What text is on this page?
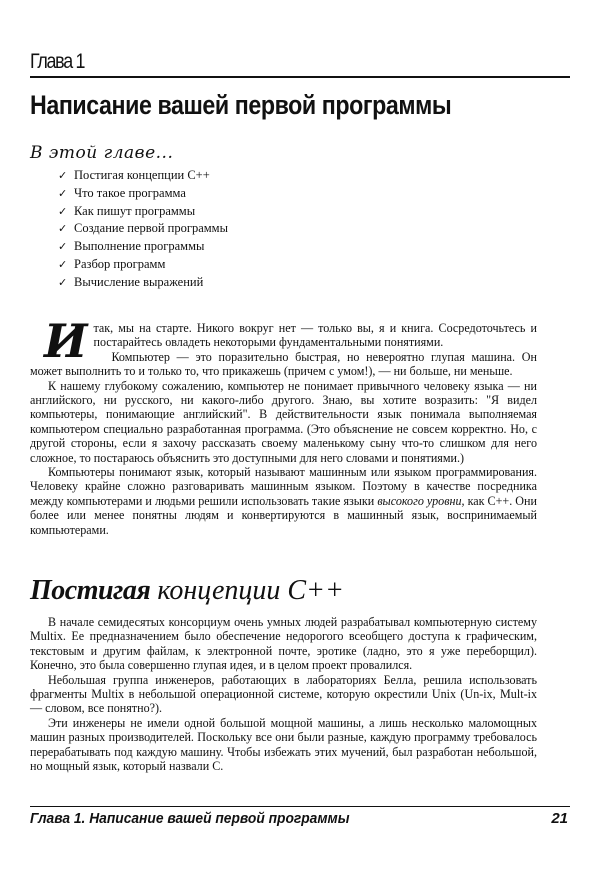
Глава 1
Написание вашей первой программы
В этой главе...
✓ Постигая концепции C++
✓ Что такое программа
✓ Как пишут программы
✓ Создание первой программы
✓ Выполнение программы
✓ Разбор программ
✓ Вычисление выражений

Итак, мы на старте. Никого вокруг нет — только вы, я и книга. Сосредоточьтесь и постарайтесь овладеть некоторыми фундаментальными понятиями.

Компьютер — это поразительно быстрая, но невероятно глупая машина. Он может выполнить то и только то, что прикажешь (причем с умом!), — ни больше, ни меньше.

К нашему глубокому сожалению, компьютер не понимает привычного человеку языка — ни английского, ни русского, ни какого-либо другого. Знаю, вы хотите возразить: "Я видел компьютеры, понимающие английский". В действительности язык понимала выполняемая компьютером специально разработанная программа. (Это объяснение не совсем корректно. Но, с другой стороны, если я захочу рассказать своему маленькому сыну что-то слишком для него сложное, то постараюсь объяснить это доступными для него словами и понятиями.)

Компьютеры понимают язык, который называют машинным или языком программирования. Человеку крайне сложно разговаривать машинным языком. Поэтому в качестве посредника между компьютерами и людьми решили использовать такие языки высокого уровни, как C++. Они более или менее понятны людям и конвертируются в машинный язык, воспринимаемый компьютерами.

Постигая концепции C++

В начале семидесятых консорциум очень умных людей разрабатывал компьютерную систему Multix. Ее предназначением было обеспечение недорогого всеобщего доступа к графическим, текстовым и другим файлам, к электронной почте, эротике (ладно, это я уже переборщил). Конечно, это была совершенно глупая идея, и в целом проект провалился.

Небольшая группа инженеров, работающих в лабораториях Белла, решила использовать фрагменты Multix в небольшой операционной системе, которую окрестили Unix (Un-ix, Mult-ix — словом, все понятно?).

Эти инженеры не имели одной большой мощной машины, а лишь несколько маломощных машин разных производителей. Поскольку все они были разные, каждую программу требовалось перерабатывать под каждую машину. Чтобы избежать этих мучений, был разработан небольшой, но мощный язык, который назвали С.

Глава 1. Написание вашей первой программы	21
